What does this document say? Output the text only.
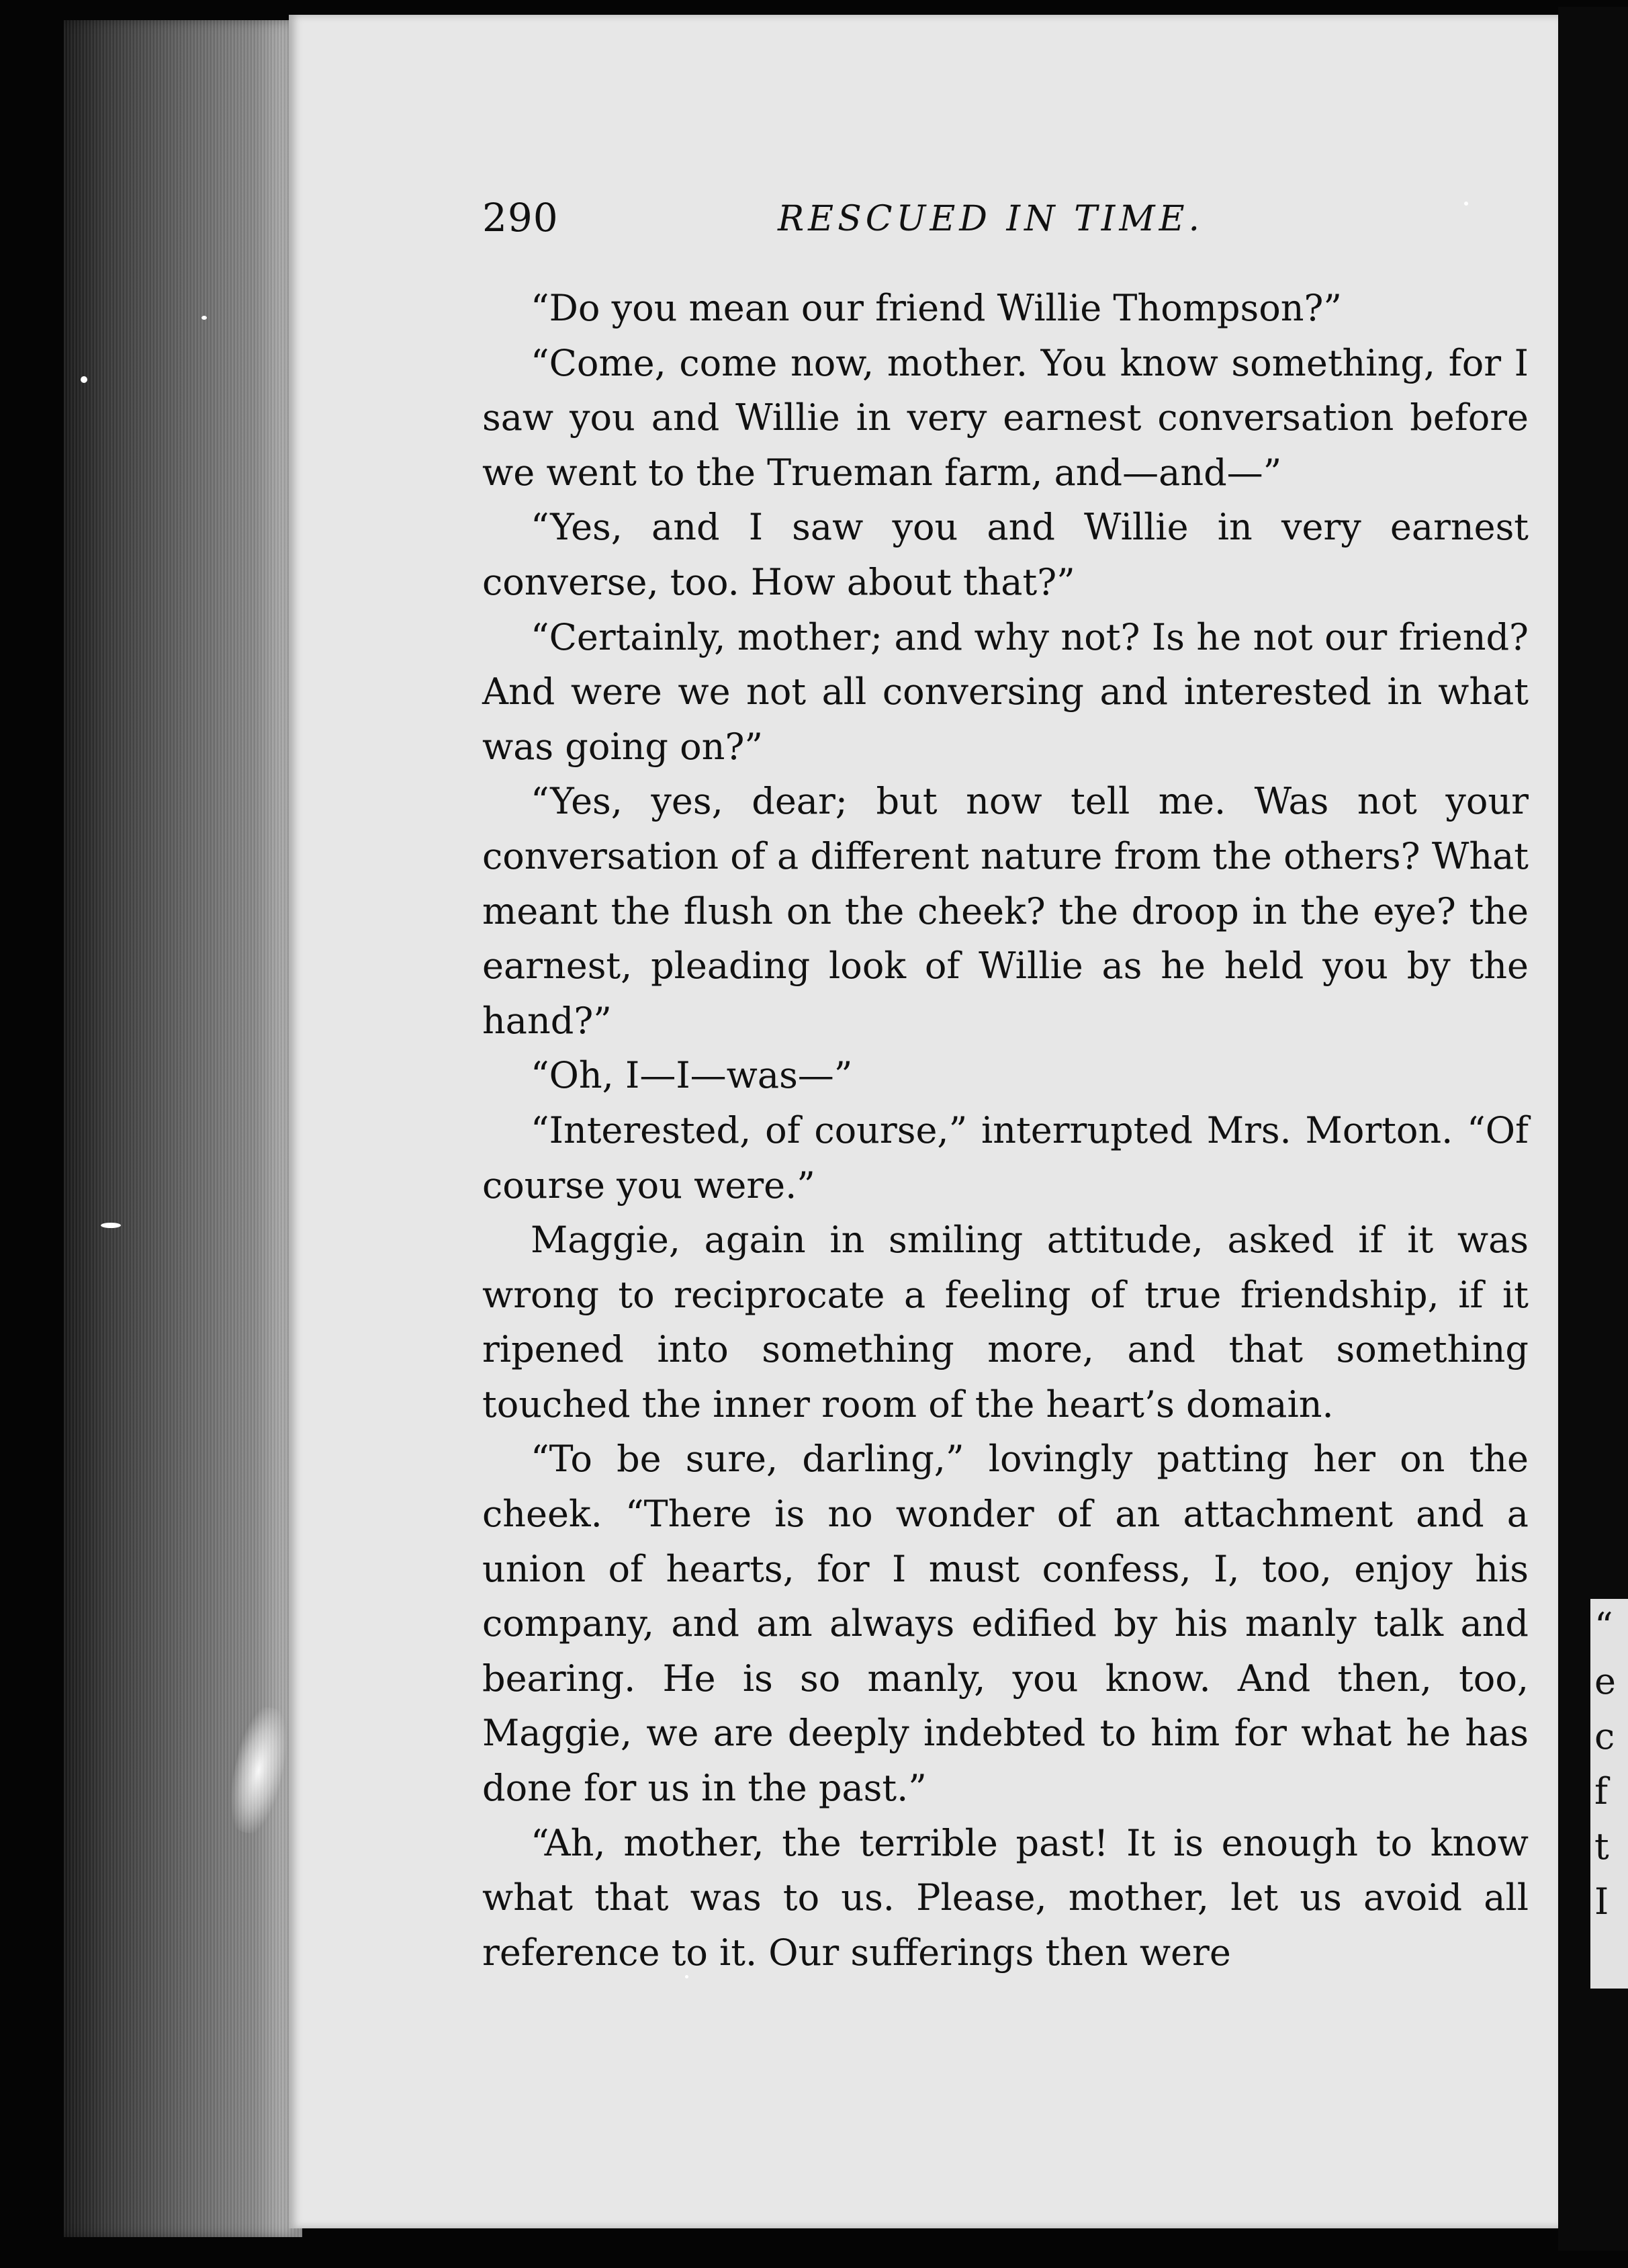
“
e
c
f
t
I
290	RESCUED IN TIME.

“Do you mean our friend Willie Thompson?”

“Come, come now, mother. You know something, for I saw you and Willie in very earnest conversation before we went to the Trueman farm, and—and—”

“Yes, and I saw you and Willie in very earnest converse, too. How about that?”

“Certainly, mother; and why not? Is he not our friend? And were we not all conversing and interested in what was going on?”

“Yes, yes, dear; but now tell me. Was not your conversation of a different nature from the others? What meant the flush on the cheek? the droop in the eye? the earnest, pleading look of Willie as he held you by the hand?”

“Oh, I—I—was—”

“Interested, of course,” interrupted Mrs. Morton. “Of course you were.”

Maggie, again in smiling attitude, asked if it was wrong to reciprocate a feeling of true friendship, if it ripened into something more, and that something touched the inner room of the heart’s domain.

“To be sure, darling,” lovingly patting her on the cheek. “There is no wonder of an attachment and a union of hearts, for I must confess, I, too, enjoy his company, and am always edified by his manly talk and bearing. He is so manly, you know. And then, too, Maggie, we are deeply indebted to him for what he has done for us in the past.”

“Ah, mother, the terrible past! It is enough to know what that was to us. Please, mother, let us avoid all reference to it. Our sufferings then were
